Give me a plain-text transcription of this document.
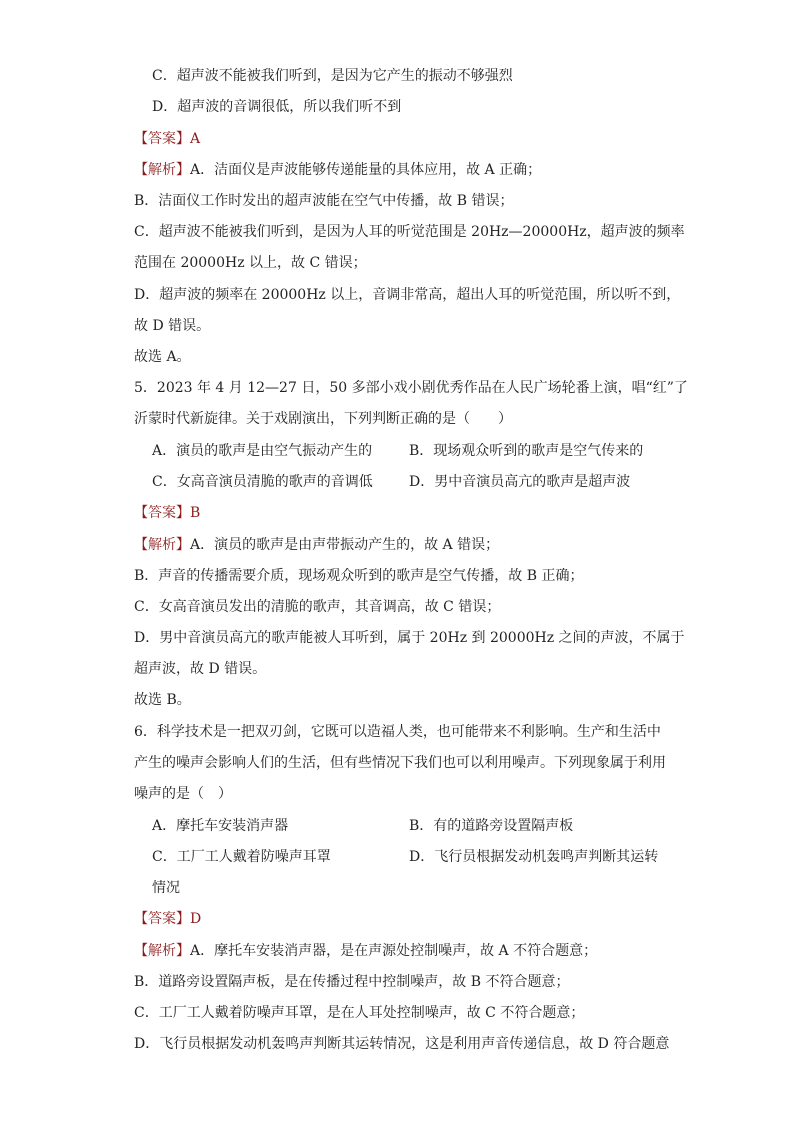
C．超声波不能被我们听到，是因为它产生的振动不够强烈
D．超声波的音调很低，所以我们听不到
【答案】A
【解析】A．洁面仪是声波能够传递能量的具体应用，故 A 正确；
B．洁面仪工作时发出的超声波能在空气中传播，故 B 错误；
C．超声波不能被我们听到，是因为人耳的听觉范围是 20Hz—20000Hz，超声波的频率
范围在 20000Hz 以上，故 C 错误；
D．超声波的频率在 20000Hz 以上，音调非常高，超出人耳的听觉范围，所以听不到，
故 D 错误。
故选 A。
5．2023 年 4 月 12—27 日，50 多部小戏小剧优秀作品在人民广场轮番上演，唱“红”了
沂蒙时代新旋律。关于戏剧演出，下列判断正确的是（　　）
A．演员的歌声是由空气振动产生的	B．现场观众听到的歌声是空气传来的
C．女高音演员清脆的歌声的音调低	D．男中音演员高亢的歌声是超声波
【答案】B
【解析】A．演员的歌声是由声带振动产生的，故 A 错误；
B．声音的传播需要介质，现场观众听到的歌声是空气传播，故 B 正确；
C．女高音演员发出的清脆的歌声，其音调高，故 C 错误；
D．男中音演员高亢的歌声能被人耳听到，属于 20Hz 到 20000Hz 之间的声波，不属于
超声波，故 D 错误。
故选 B。
6．科学技术是一把双刃剑，它既可以造福人类，也可能带来不利影响。生产和生活中
产生的噪声会影响人们的生活，但有些情况下我们也可以利用噪声。下列现象属于利用
噪声的是（　）
A．摩托车安装消声器	B．有的道路旁设置隔声板
C．工厂工人戴着防噪声耳罩	D．飞行员根据发动机轰鸣声判断其运转
情况
【答案】D
【解析】A．摩托车安装消声器，是在声源处控制噪声，故 A 不符合题意；
B．道路旁设置隔声板，是在传播过程中控制噪声，故 B 不符合题意；
C．工厂工人戴着防噪声耳罩，是在人耳处控制噪声，故 C 不符合题意；
D．飞行员根据发动机轰鸣声判断其运转情况，这是利用声音传递信息，故 D 符合题意
